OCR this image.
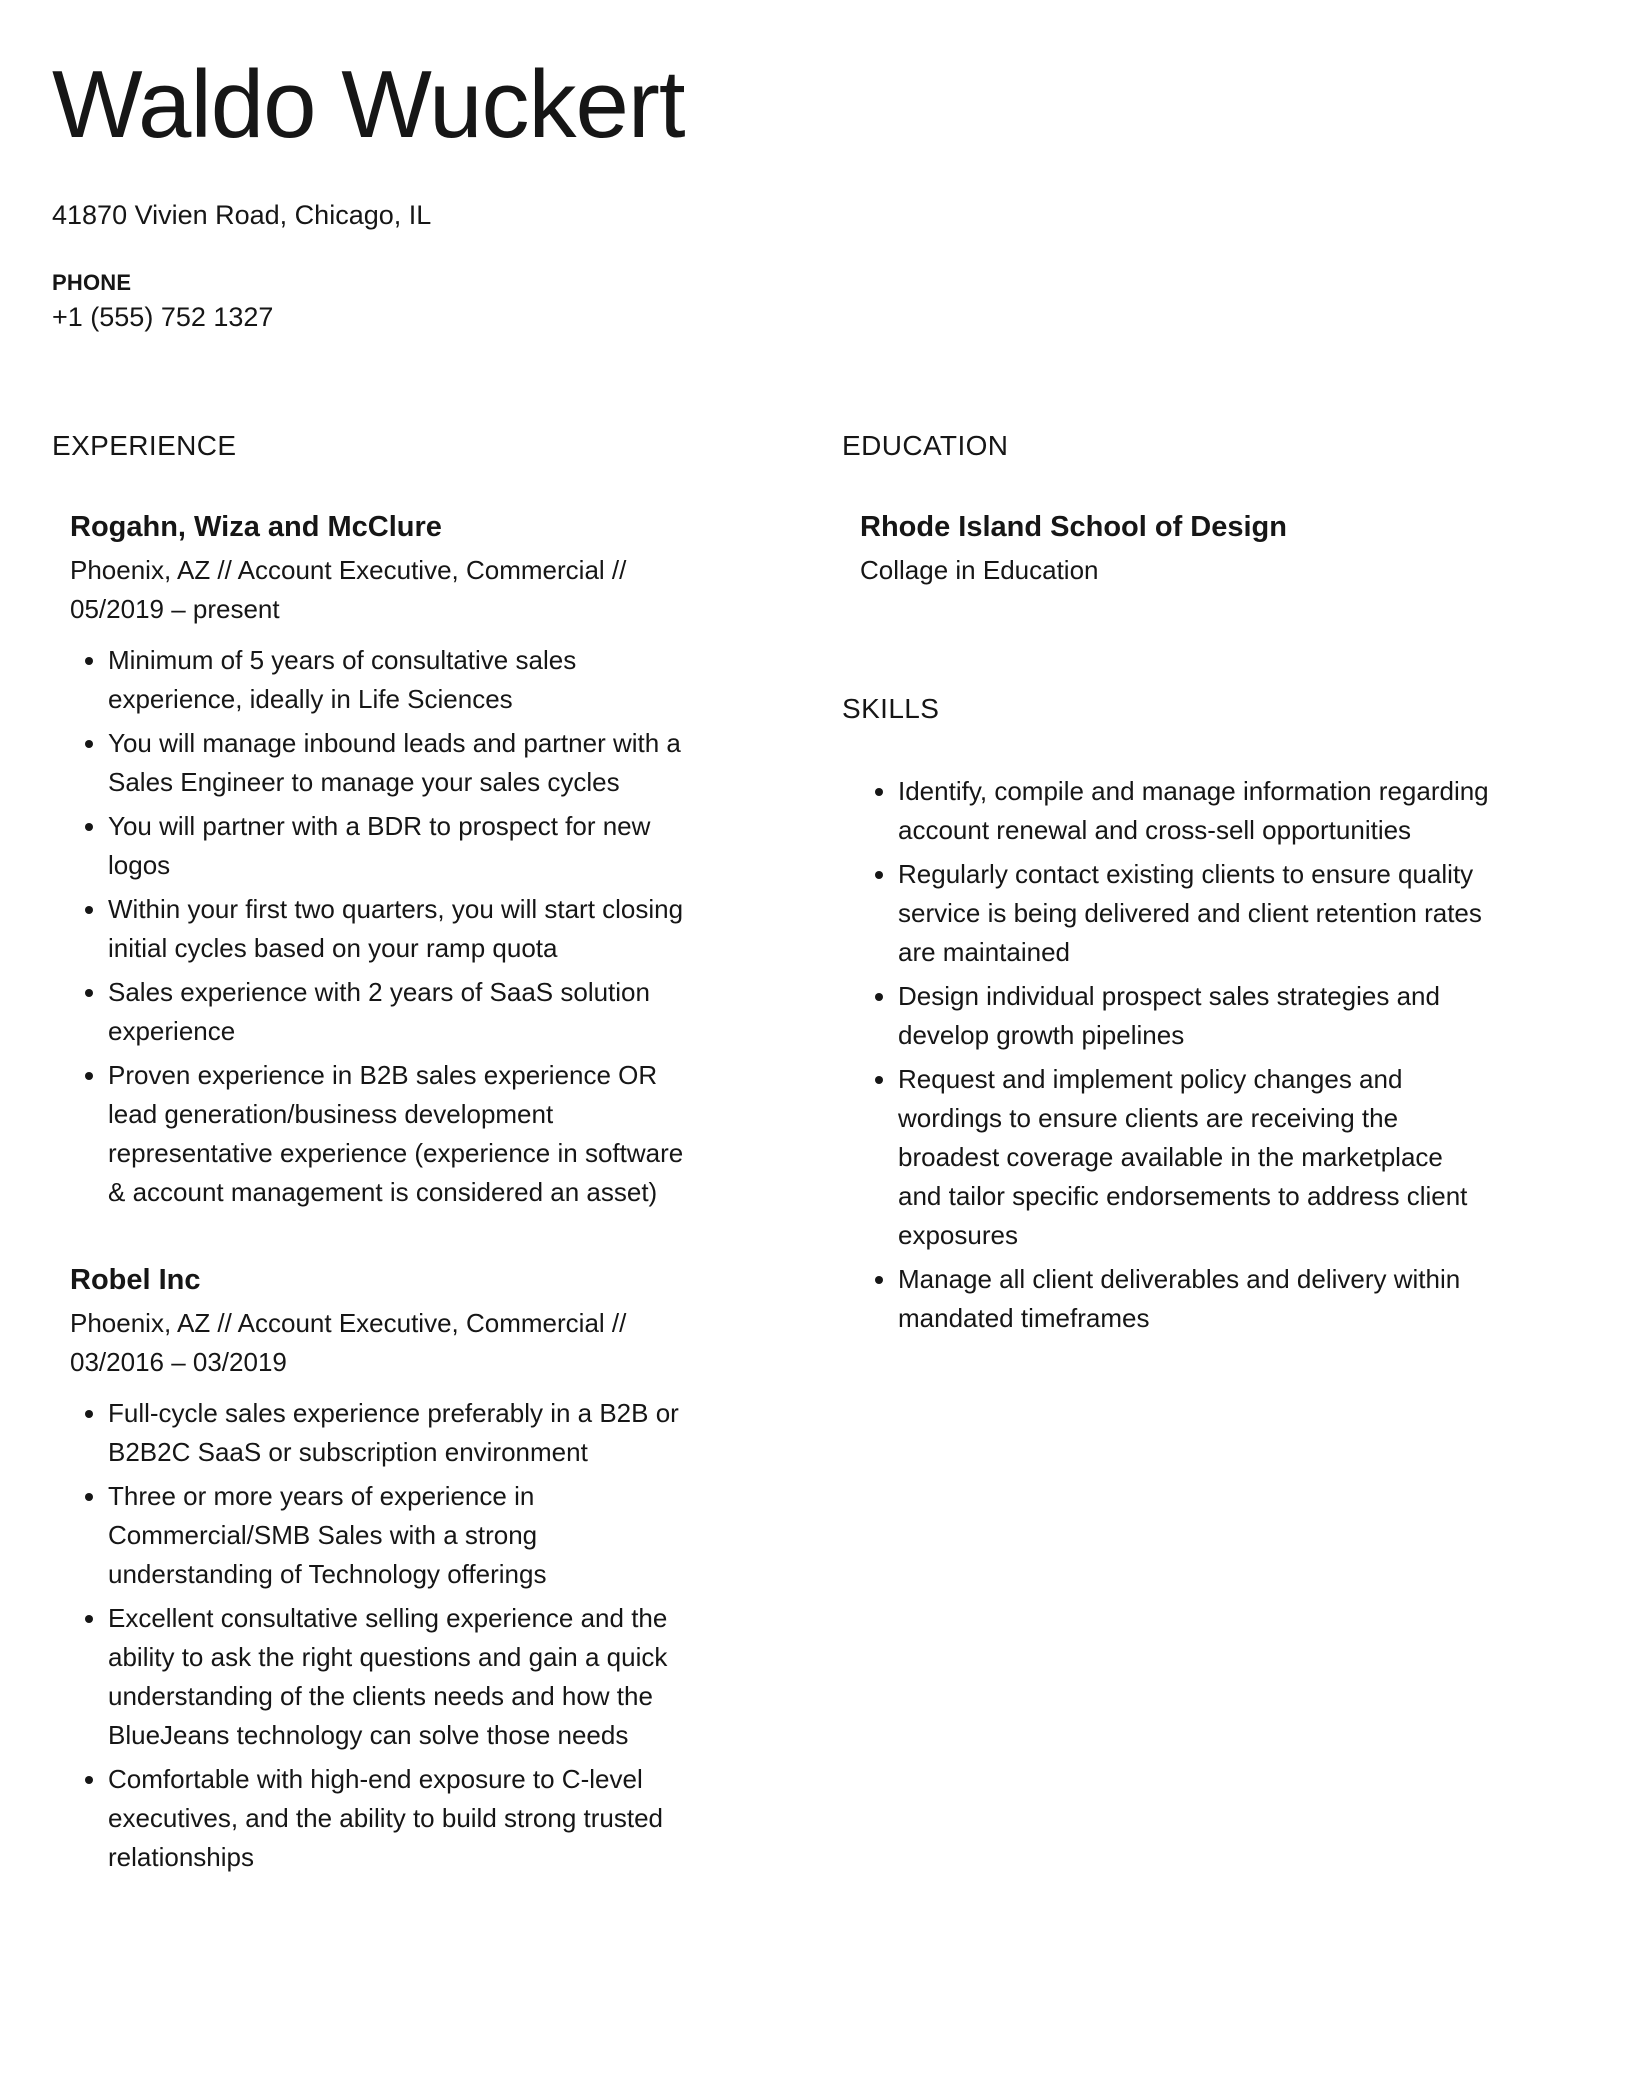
Waldo Wuckert

41870 Vivien Road, Chicago, IL

PHONE

+1 (555) 752 1327

EXPERIENCE
Rogahn, Wiza and McClure

Phoenix, AZ // Account Executive, Commercial // 05/2019 – present

Minimum of 5 years of consultative sales experience, ideally in Life Sciences
You will manage inbound leads and partner with a Sales Engineer to manage your sales cycles
You will partner with a BDR to prospect for new logos
Within your first two quarters, you will start closing initial cycles based on your ramp quota
Sales experience with 2 years of SaaS solution experience
Proven experience in B2B sales experience OR lead generation/business development representative experience (experience in software & account management is considered an asset)
Robel Inc

Phoenix, AZ // Account Executive, Commercial // 03/2016 – 03/2019

Full-cycle sales experience preferably in a B2B or B2B2C SaaS or subscription environment
Three or more years of experience in Commercial/SMB Sales with a strong understanding of Technology offerings
Excellent consultative selling experience and the ability to ask the right questions and gain a quick understanding of the clients needs and how the BlueJeans technology can solve those needs
Comfortable with high-end exposure to C-level executives, and the ability to build strong trusted relationships
EDUCATION
Rhode Island School of Design

Collage in Education

SKILLS
Identify, compile and manage information regarding account renewal and cross-sell opportunities
Regularly contact existing clients to ensure quality service is being delivered and client retention rates are maintained
Design individual prospect sales strategies and develop growth pipelines
Request and implement policy changes and wordings to ensure clients are receiving the broadest coverage available in the marketplace and tailor specific endorsements to address client exposures
Manage all client deliverables and delivery within mandated timeframes
